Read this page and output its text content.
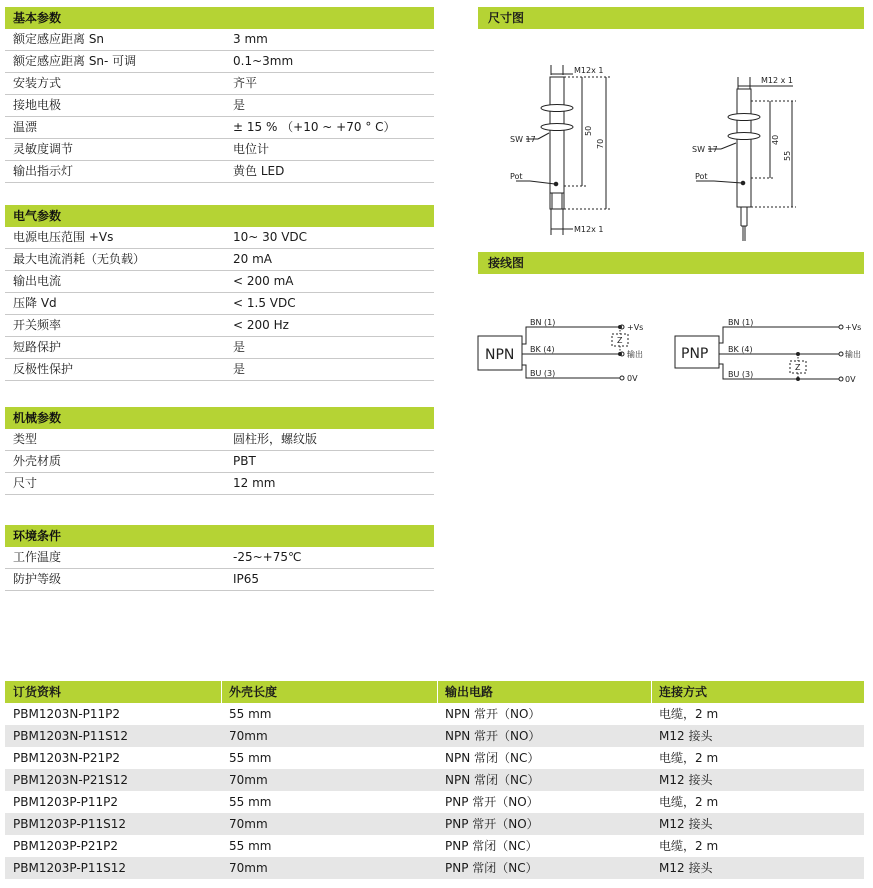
基本参数
额定感应距离 Sn	3 mm
额定感应距离 Sn- 可调	0.1~3mm
安装方式	齐平
接地电极	是
温漂	± 15 % （+10 ~ +70 ° C）
灵敏度调节	电位计
输出指示灯	黄色 LED
电气参数
电源电压范围 +Vs	10~ 30 VDC
最大电流消耗（无负载）	20 mA
输出电流	< 200 mA
压降 Vd	< 1.5 VDC
开关频率	< 200 Hz
短路保护	是
反极性保护	是
机械参数
类型	圆柱形，螺纹版
外壳材质	PBT
尺寸	12 mm
环境条件
工作温度	-25~+75℃
防护等级	IP65
尺寸图
M12x 1
M12x 1
SW 17
Pot
50
70
M12 x 1
SW 17
Pot
40
55
接线图
NPN
BN (1)
BK (4)
BU (3)
+Vs
输出
0V
Z
PNP
BN (1)
BK (4)
BU (3)
+Vs
输出
0V
Z
订货资料	外壳长度	输出电路	连接方式
PBM1203N-P11P2	55 mm	NPN 常开（NO）	电缆，2 m
PBM1203N-P11S12	70mm	NPN 常开（NO）	M12 接头
PBM1203N-P21P2	55 mm	NPN 常闭（NC）	电缆，2 m
PBM1203N-P21S12	70mm	NPN 常闭（NC）	M12 接头
PBM1203P-P11P2	55 mm	PNP 常开（NO）	电缆，2 m
PBM1203P-P11S12	70mm	PNP 常开（NO）	M12 接头
PBM1203P-P21P2	55 mm	PNP 常闭（NC）	电缆，2 m
PBM1203P-P11S12	70mm	PNP 常闭（NC）	M12 接头
